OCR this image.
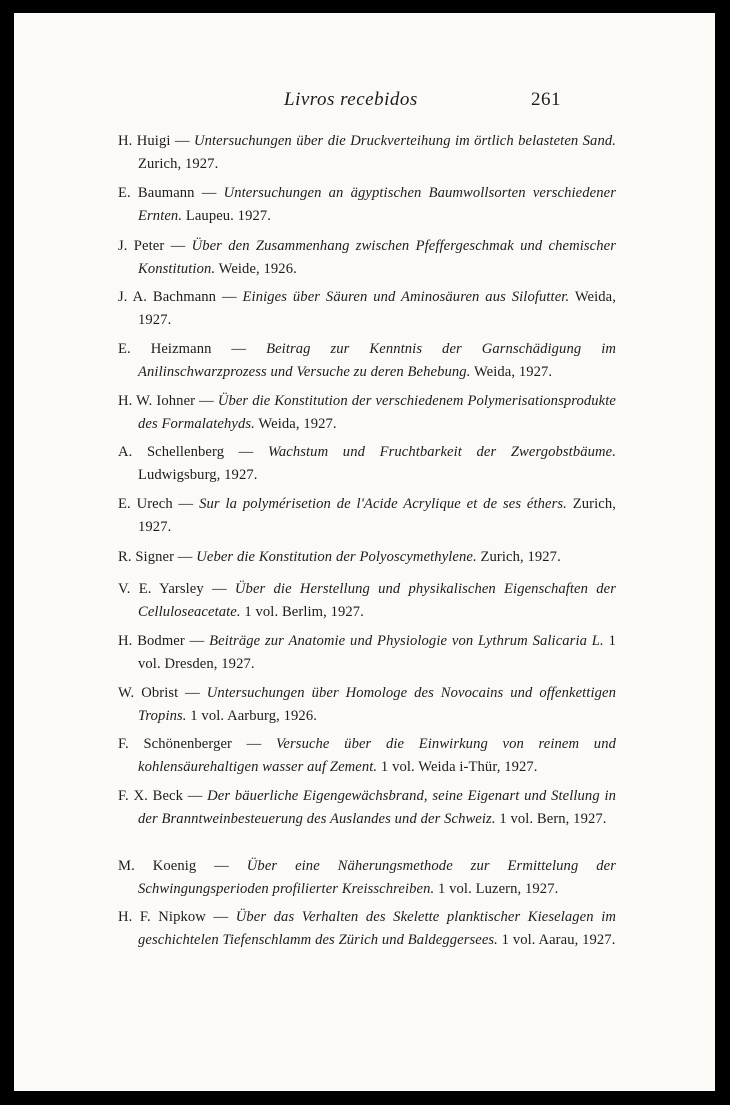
Livros recebidos	261
H. Huigi — Untersuchungen über die Druckverteihung im örtlich belasteten Sand. Zurich, 1927.
E. Baumann — Untersuchungen an ägyptischen Baumwollsorten verschiedener Ernten. Laupeu. 1927.
J. Peter — Über den Zusammenhang zwischen Pfeffergeschmak und chemischer Konstitution. Weide, 1926.
J. A. Bachmann — Einiges über Säuren und Aminosäuren aus Silofutter. Weida, 1927.
E. Heizmann — Beitrag zur Kenntnis der Garnschädigung im Anilinschwarzprozess und Versuche zu deren Behebung. Weida, 1927.
H. W. Iohner — Über die Konstitution der verschiedenem Polymerisationsprodukte des Formalatehyds. Weida, 1927.
A. Schellenberg — Wachstum und Fruchtbarkeit der Zwergobstbäume. Ludwigsburg, 1927.
E. Urech — Sur la polymérisetion de l'Acide Acrylique et de ses éthers. Zurich, 1927.
R. Signer — Ueber die Konstitution der Polyoscymethylene. Zurich, 1927.
V. E. Yarsley — Über die Herstellung und physikalischen Eigenschaften der Celluloseacetate. 1 vol. Berlim, 1927.
H. Bodmer — Beiträge zur Anatomie und Physiologie von Lythrum Salicaria L. 1 vol. Dresden, 1927.
W. Obrist — Untersuchungen über Homologe des Novocains und offenkettigen Tropins. 1 vol. Aarburg, 1926.
F. Schönenberger — Versuche über die Einwirkung von reinem und kohlensäurehaltigen wasser auf Zement. 1 vol. Weida i-Thür, 1927.
F. X. Beck — Der bäuerliche Eigengewächsbrand, seine Eigenart und Stellung in der Branntweinbesteuerung des Auslandes und der Schweiz. 1 vol. Bern, 1927.
M. Koenig — Über eine Näherungsmethode zur Ermittelung der Schwingungsperioden profilierter Kreisschreiben. 1 vol. Luzern, 1927.
H. F. Nipkow — Über das Verhalten des Skelette planktischer Kieselagen im geschichtelen Tiefenschlamm des Zürich und Baldeggersees. 1 vol. Aarau, 1927.
